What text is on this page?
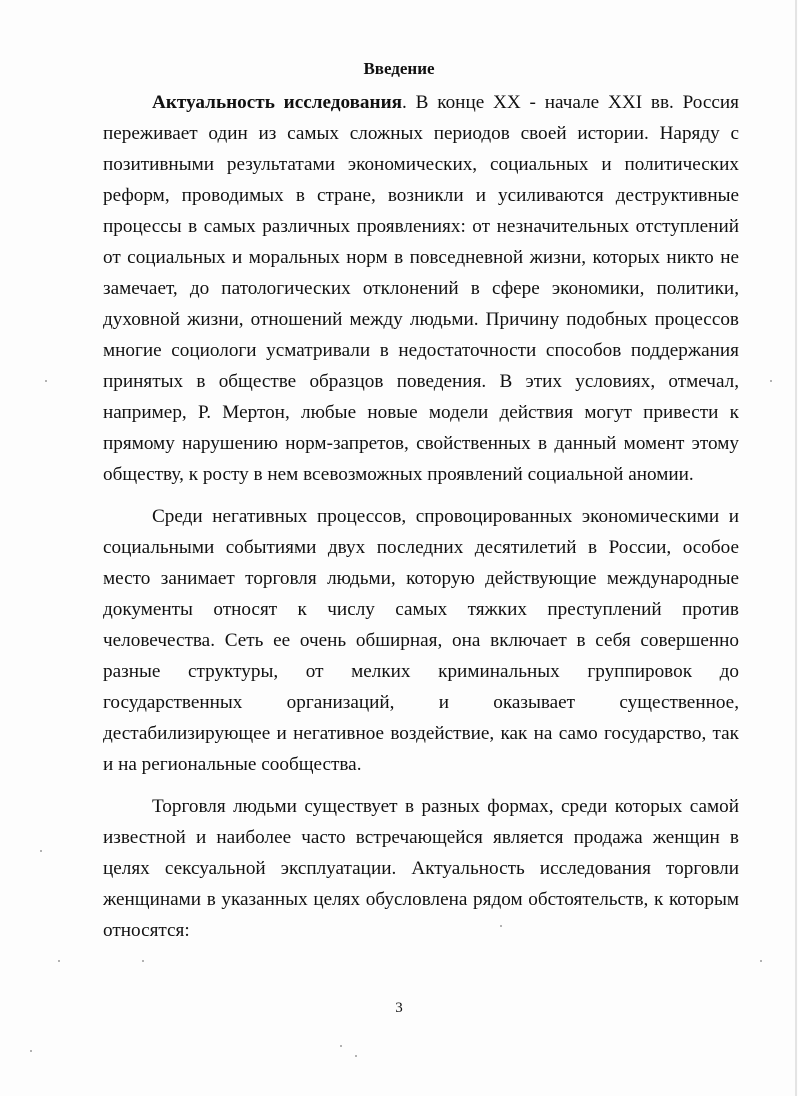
Введение

Актуальность исследования. В конце XX - начале XXI вв. Россия переживает один из самых сложных периодов своей истории. Наряду с позитивными результатами экономических, социальных и политических реформ, проводимых в стране, возникли и усиливаются деструктивные процессы в самых различных проявлениях: от незначительных отступлений от социальных и моральных норм в повседневной жизни, которых никто не замечает, до патологических отклонений в сфере экономики, политики, духовной жизни, отношений между людьми. Причину подобных процессов многие социологи усматривали в недостаточности способов поддержания принятых в обществе образцов поведения. В этих условиях, отмечал, например, Р. Мертон, любые новые модели действия могут привести к прямому нарушению норм-запретов, свойственных в данный момент этому обществу, к росту в нем всевозможных проявлений социальной аномии.

Среди негативных процессов, спровоцированных экономическими и социальными событиями двух последних десятилетий в России, особое место занимает торговля людьми, которую действующие международные документы относят к числу самых тяжких преступлений против человечества. Сеть ее очень обширная, она включает в себя совершенно разные структуры, от мелких криминальных группировок до государственных организаций, и оказывает существенное, дестабилизирующее и негативное воздействие, как на само государство, так и на региональные сообщества.

Торговля людьми существует в разных формах, среди которых самой известной и наиболее часто встречающейся является продажа женщин в целях сексуальной эксплуатации. Актуальность исследования торговли женщинами в указанных целях обусловлена рядом обстоятельств, к которым относятся:

3
